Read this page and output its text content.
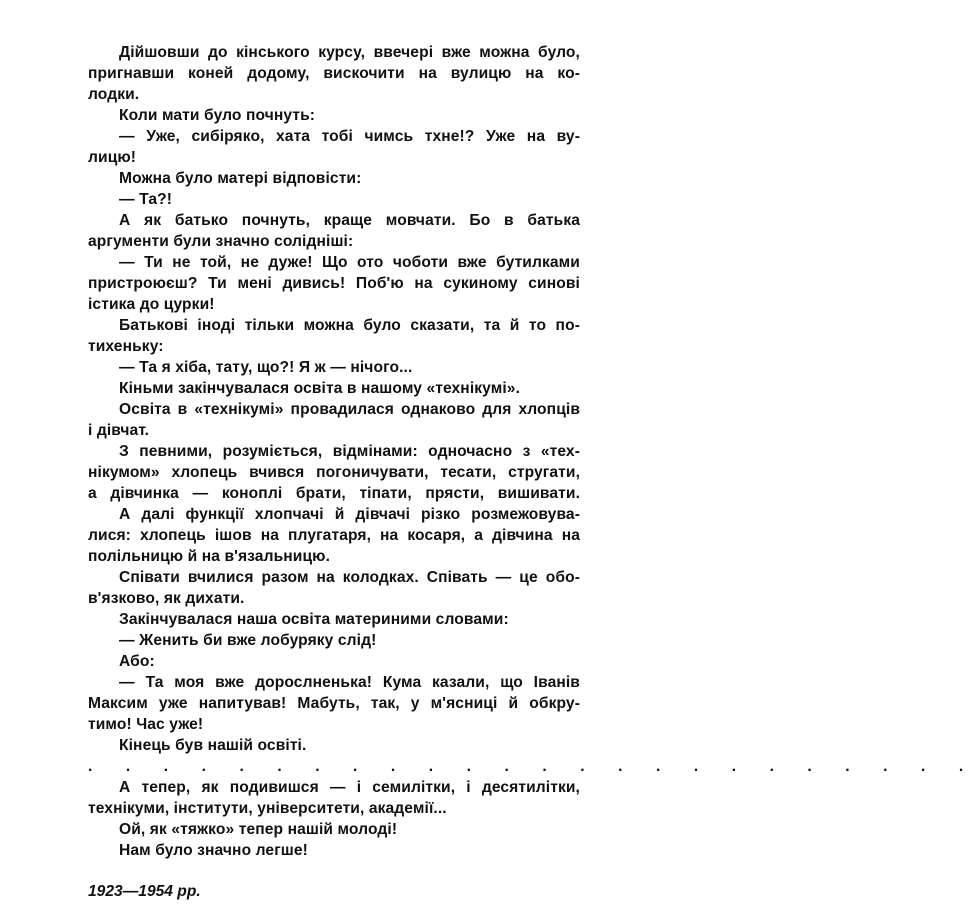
Дійшовши до кінського курсу, ввечері вже можна було,

пригнавши коней додому, вискочити на вулицю на ко-

лодки.

Коли мати було почнуть:

— Уже, сибіряко, хата тобі чимсь тхне!? Уже на ву-

лицю!

Можна було матері відповісти:

— Та?!

А як батько почнуть, краще мовчати. Бо в батька

аргументи були значно солідніші:

— Ти не той, не дуже! Що ото чоботи вже бутилками

пристроюєш? Ти мені дивись! Поб'ю на сукиному синові

істика до цурки!

Батькові іноді тільки можна було сказати, та й то по-

тихеньку:

— Та я хіба, тату, що?! Я ж — нічого...

Кіньми закінчувалася освіта в нашому «технікумі».

Освіта в «технікумі» провадилася однаково для хлопців

і дівчат.

З певними, розуміється, відмінами: одночасно з «тех-

нікумом» хлопець вчився погоничувати, тесати, стругати,

а дівчинка — коноплі брати, тіпати, прясти, вишивати.

А далі функції хлопчачі й дівчачі різко розмежовува-

лися: хлопець ішов на плугатаря, на косаря, а дівчина на

полільницю й на в'язальницю.

Співати вчилися разом на колодках. Співать — це обо-

в'язково, як дихати.

Закінчувалася наша освіта материними словами:

— Женить би вже лобуряку слід!

Або:

— Та моя вже дорослненька! Кума казали, що Іванів

Максим уже напитував! Мабуть, так, у м'ясниці й обкру-

тимо! Час уже!

Кінець був нашій освіті.

. . . . . . . . . . . . . . . . . . . . . . . .

А тепер, як подивишся — і семилітки, і десятилітки,

технікуми, інститути, університети, академії...

Ой, як «тяжко» тепер нашій молоді!

Нам було значно легше!

1923—1954 рр.
